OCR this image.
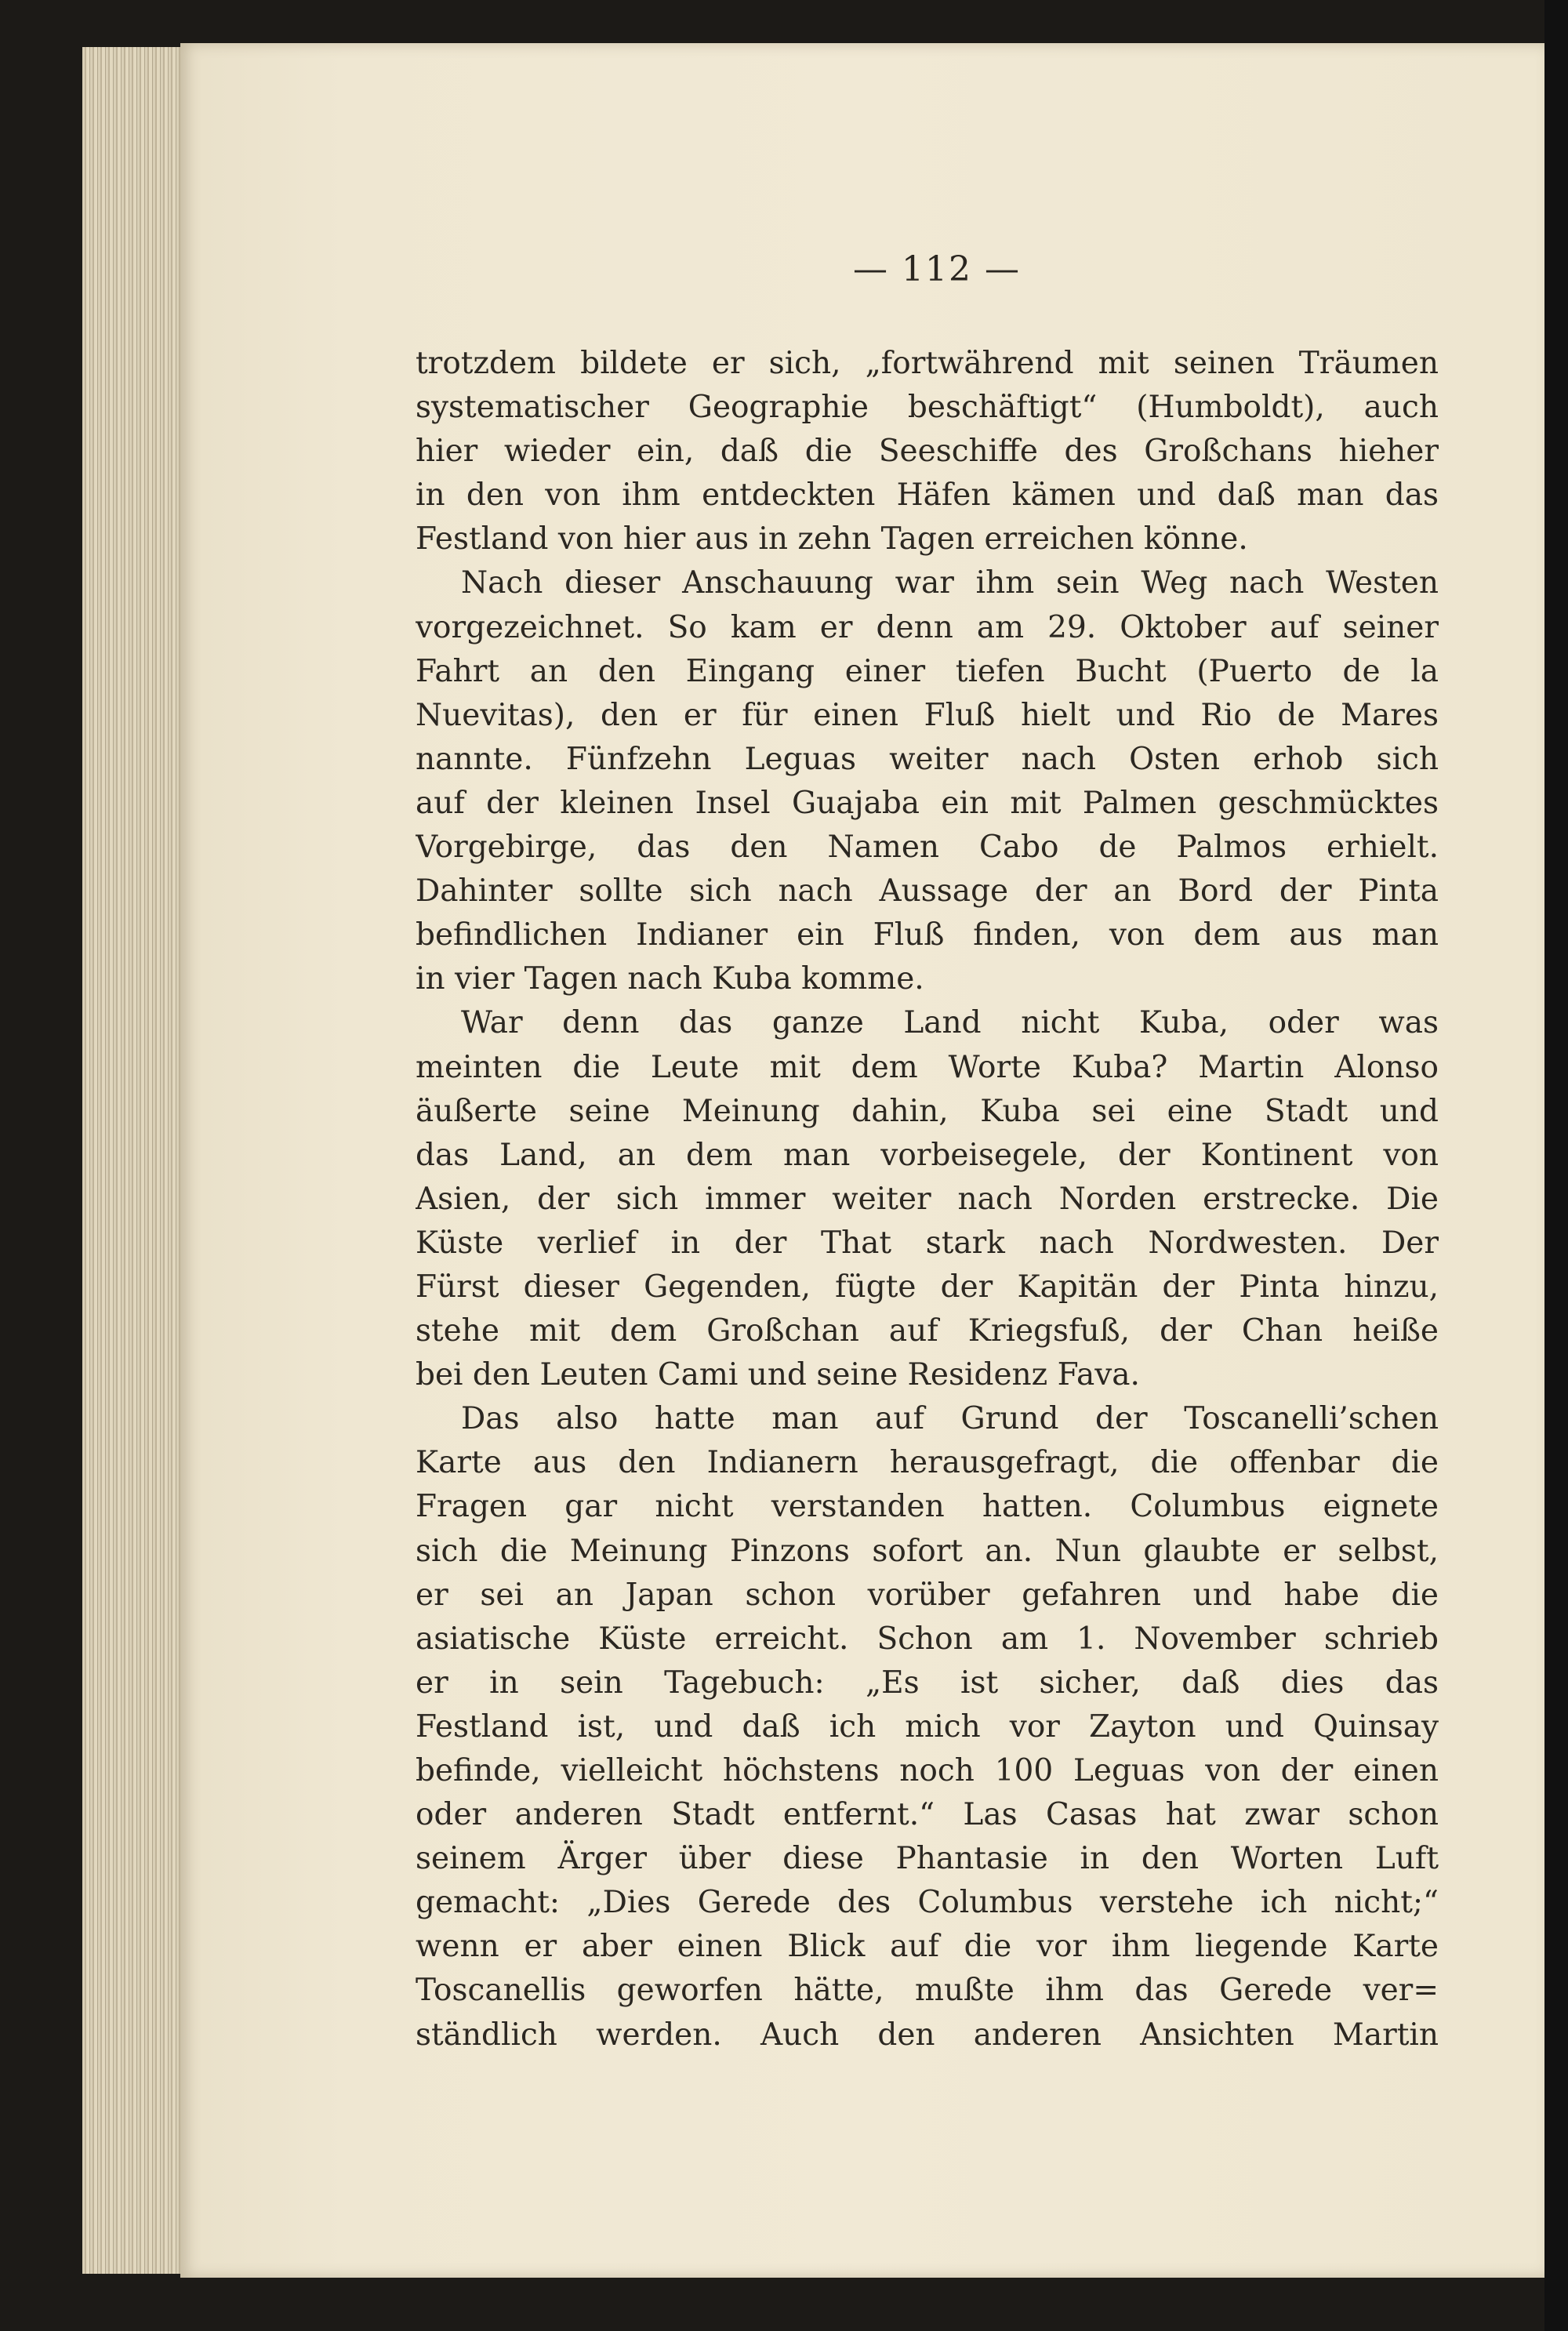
— 112 —
trotzdem bildete er sich, „fortwährend mit seinen Träumen
systematischer Geographie beschäftigt“ (Humboldt), auch
hier wieder ein, daß die Seeschiffe des Großchans hieher
in den von ihm entdeckten Häfen kämen und daß man das
Festland von hier aus in zehn Tagen erreichen könne.
Nach dieser Anschauung war ihm sein Weg nach Westen
vorgezeichnet. So kam er denn am 29. Oktober auf seiner
Fahrt an den Eingang einer tiefen Bucht (Puerto de la
Nuevitas), den er für einen Fluß hielt und Rio de Mares
nannte. Fünfzehn Leguas weiter nach Osten erhob sich
auf der kleinen Insel Guajaba ein mit Palmen geschmücktes
Vorgebirge, das den Namen Cabo de Palmos erhielt.
Dahinter sollte sich nach Aussage der an Bord der Pinta
befindlichen Indianer ein Fluß finden, von dem aus man
in vier Tagen nach Kuba komme.
War denn das ganze Land nicht Kuba, oder was
meinten die Leute mit dem Worte Kuba? Martin Alonso
äußerte seine Meinung dahin, Kuba sei eine Stadt und
das Land, an dem man vorbeisegele, der Kontinent von
Asien, der sich immer weiter nach Norden erstrecke. Die
Küste verlief in der That stark nach Nordwesten. Der
Fürst dieser Gegenden, fügte der Kapitän der Pinta hinzu,
stehe mit dem Großchan auf Kriegsfuß, der Chan heiße
bei den Leuten Cami und seine Residenz Fava.
Das also hatte man auf Grund der Toscanelli’schen
Karte aus den Indianern herausgefragt, die offenbar die
Fragen gar nicht verstanden hatten. Columbus eignete
sich die Meinung Pinzons sofort an. Nun glaubte er selbst,
er sei an Japan schon vorüber gefahren und habe die
asiatische Küste erreicht. Schon am 1. November schrieb
er in sein Tagebuch: „Es ist sicher, daß dies das
Festland ist, und daß ich mich vor Zayton und Quinsay
befinde, vielleicht höchstens noch 100 Leguas von der einen
oder anderen Stadt entfernt.“ Las Casas hat zwar schon
seinem Ärger über diese Phantasie in den Worten Luft
gemacht: „Dies Gerede des Columbus verstehe ich nicht;“
wenn er aber einen Blick auf die vor ihm liegende Karte
Toscanellis geworfen hätte, mußte ihm das Gerede ver=
ständlich werden. Auch den anderen Ansichten Martin
